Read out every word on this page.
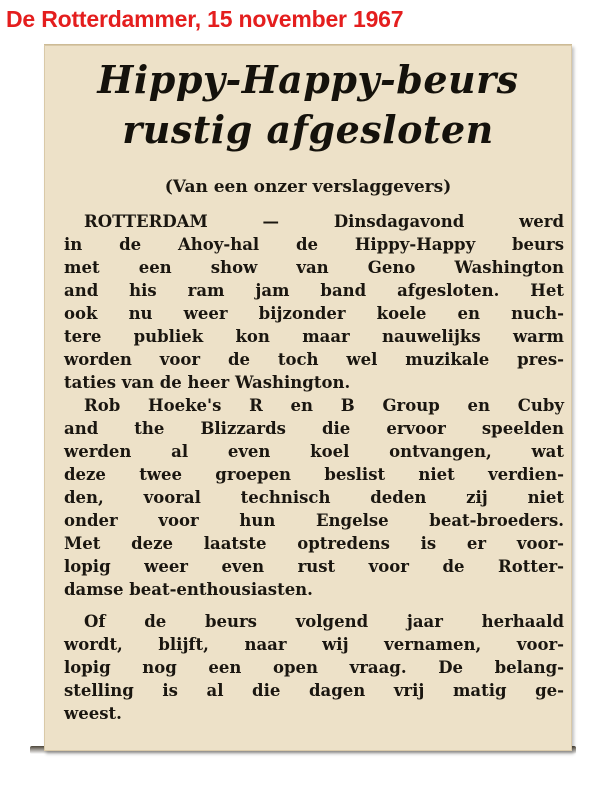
De Rotterdammer, 15 november 1967
Hippy-Happy-beurs
rustig afgesloten
(Van een onzer verslaggevers)
ROTTERDAM — Dinsdagavond werd
in de Ahoy-hal de Hippy-Happy beurs
met een show van Geno Washington
and his ram jam band afgesloten. Het
ook nu weer bijzonder koele en nuch-
tere publiek kon maar nauwelijks warm
worden voor de toch wel muzikale pres-
taties van de heer Washington.
Rob Hoeke's R en B Group en Cuby
and the Blizzards die ervoor speelden
werden al even koel ontvangen, wat
deze twee groepen beslist niet verdien-
den, vooral technisch deden zij niet
onder voor hun Engelse beat-broeders.
Met deze laatste optredens is er voor-
lopig weer even rust voor de Rotter-
damse beat-enthousiasten.
Of de beurs volgend jaar herhaald
wordt, blijft, naar wij vernamen, voor-
lopig nog een open vraag. De belang-
stelling is al die dagen vrij matig ge-
weest.
